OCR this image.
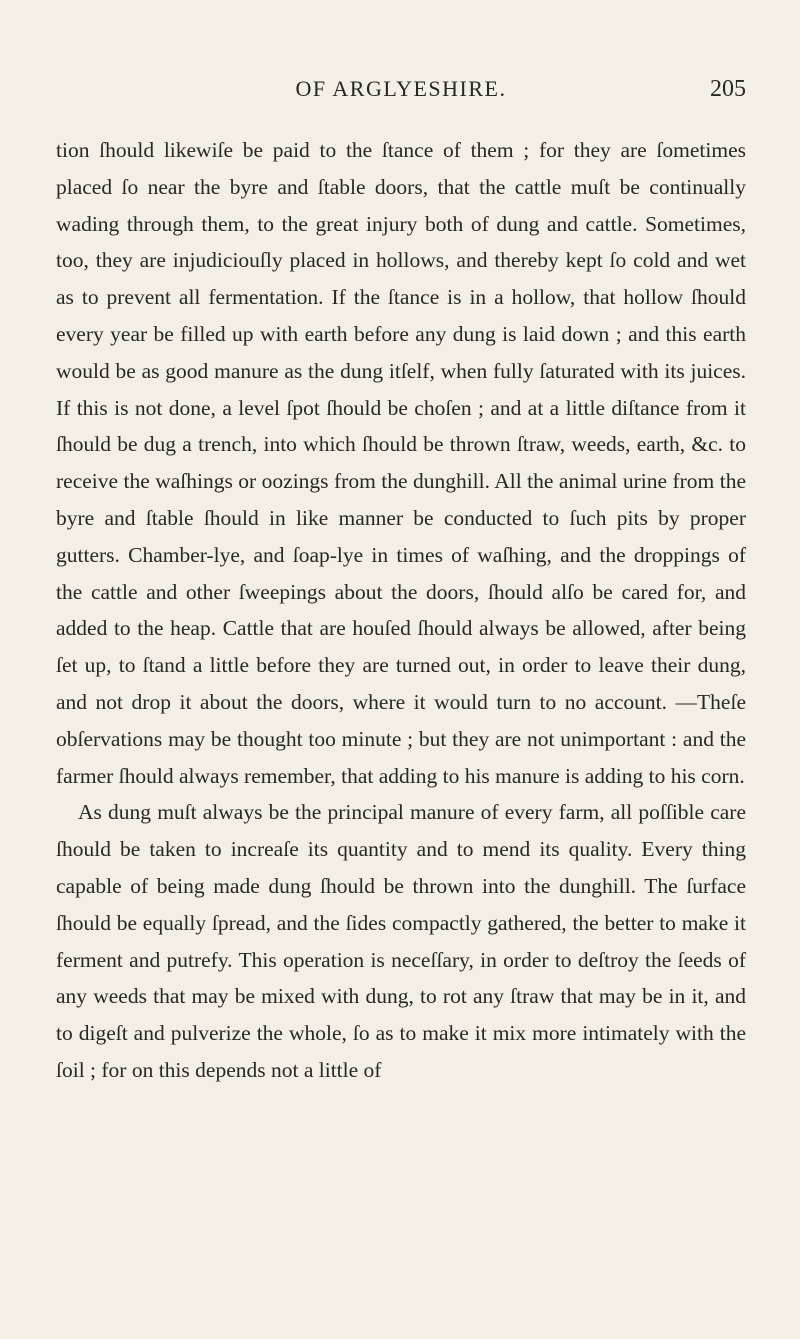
OF ARGLYESHIRE.	205

tion ſhould likewiſe be paid to the ſtance of them ; for they are ſometimes placed ſo near the byre and ſtable doors, that the cattle muſt be continually wading through them, to the great injury both of dung and cattle. Sometimes, too, they are injudiciouſly placed in hollows, and thereby kept ſo cold and wet as to prevent all fermentation. If the ſtance is in a hollow, that hollow ſhould every year be filled up with earth before any dung is laid down ; and this earth would be as good manure as the dung itſelf, when fully ſaturated with its juices. If this is not done, a level ſpot ſhould be choſen ; and at a little diſtance from it ſhould be dug a trench, into which ſhould be thrown ſtraw, weeds, earth, &c. to receive the waſhings or oozings from the dunghill. All the animal urine from the byre and ſtable ſhould in like manner be conducted to ſuch pits by proper gutters. Chamber-lye, and ſoap-lye in times of waſhing, and the droppings of the cattle and other ſweepings about the doors, ſhould alſo be cared for, and added to the heap. Cattle that are houſed ſhould always be allowed, after being ſet up, to ſtand a little before they are turned out, in order to leave their dung, and not drop it about the doors, where it would turn to no account. —Theſe obſervations may be thought too minute ; but they are not unimportant : and the farmer ſhould always remember, that adding to his manure is adding to his corn.

As dung muſt always be the principal manure of every farm, all poſſible care ſhould be taken to increaſe its quantity and to mend its quality. Every thing capable of being made dung ſhould be thrown into the dunghill. The ſurface ſhould be equally ſpread, and the ſides compactly gathered, the better to make it ferment and putrefy. This operation is neceſſary, in order to deſtroy the ſeeds of any weeds that may be mixed with dung, to rot any ſtraw that may be in it, and to digeſt and pulverize the whole, ſo as to make it mix more intimately with the ſoil ; for on this depends not a little of
